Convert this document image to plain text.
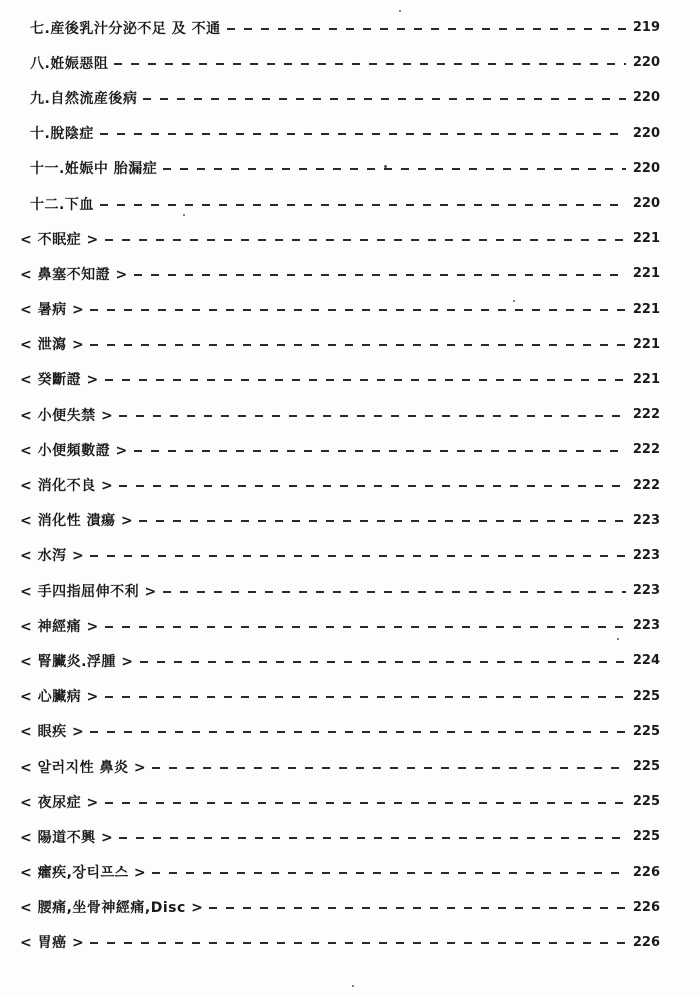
七.産後乳汁分泌不足 及 不通	219
八.姙娠惡阻	220
九.自然流産後病	220
十.脫陰症	220
十一.姙娠中 胎漏症	220
十二.下血	220
< 不眠症 >	221
< 鼻塞不知證 >	221
< 暑病 >	221
< 泄瀉 >	221
< 癸斷證 >	221
< 小便失禁 >	222
< 小便頻數證 >	222
< 消化不良 >	222
< 消化性 潰瘍 >	223
< 水泻 >	223
< 手四指屈伸不利 >	223
< 神經痛 >	223
< 腎臟炎.浮腫 >	224
< 心臟病 >	225
< 眼疾 >	225
< 알러지性 鼻炎 >	225
< 夜尿症 >	225
< 陽道不興 >	225
< 癨疾,장티프스 >	226
< 腰痛,坐骨神經痛,Disc >	226
< 胃癌 >	226
